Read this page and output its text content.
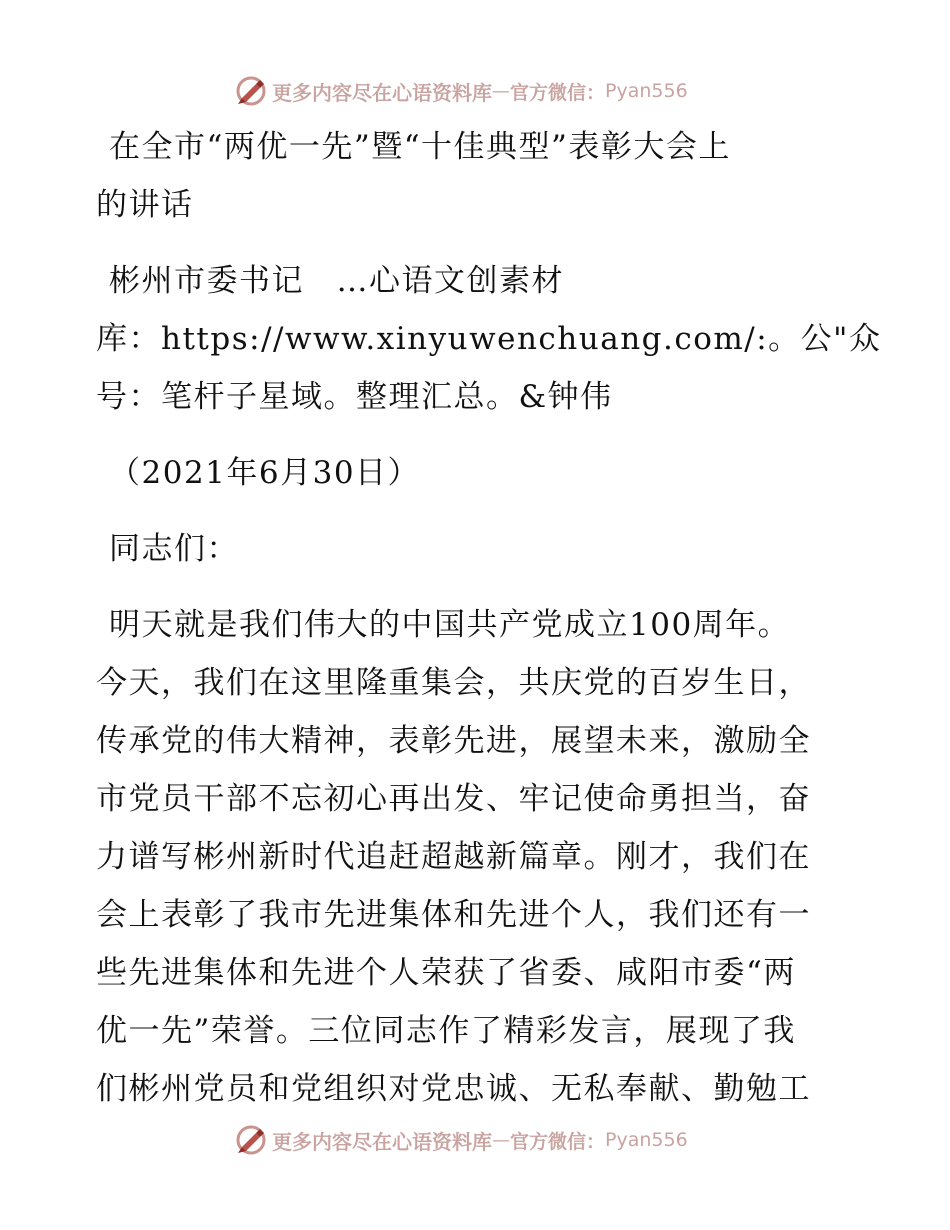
更多内容尽在心语资料库 — 官方微信： Pyan556
在全市“两优一先”暨“十佳典型”表彰大会上
的讲话
彬州市委书记　…心语文创素材
库：https://www.xinyuwenchuang.com/:。公"众
号：笔杆子星域。整理汇总。&钟伟
（2021年6月30日）
同志们：
明天就是我们伟大的中国共产党成立100周年。
今天，我们在这里隆重集会，共庆党的百岁生日，
传承党的伟大精神，表彰先进，展望未来，激励全
市党员干部不忘初心再出发、牢记使命勇担当，奋
力谱写彬州新时代追赶超越新篇章。刚才，我们在
会上表彰了我市先进集体和先进个人，我们还有一
些先进集体和先进个人荣获了省委、咸阳市委“两
优一先”荣誉。三位同志作了精彩发言，展现了我
们彬州党员和党组织对党忠诚、无私奉献、勤勉工
更多内容尽在心语资料库 — 官方微信： Pyan556
